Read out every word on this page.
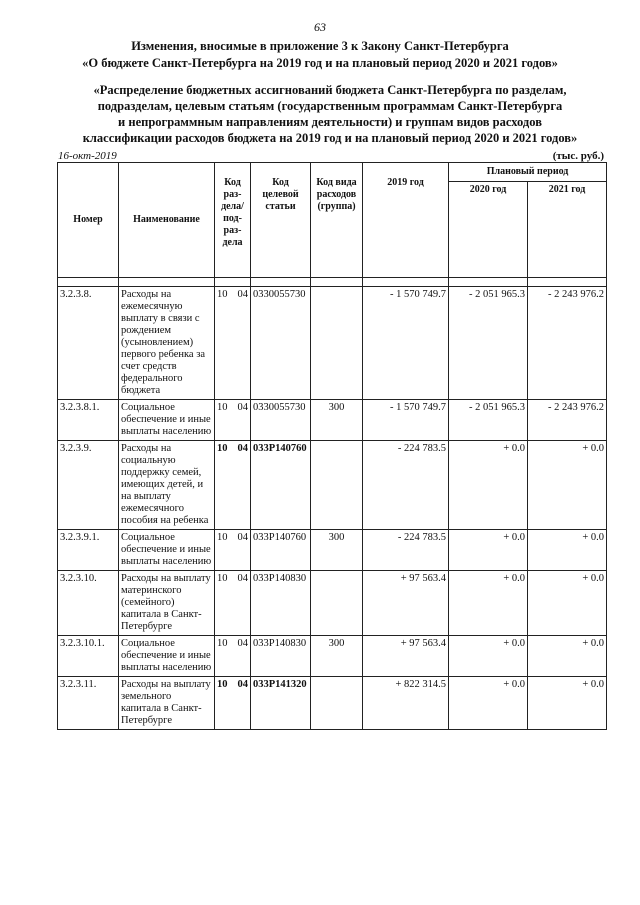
63
Изменения, вносимые в приложение 3 к Закону Санкт-Петербурга
«О бюджете Санкт-Петербурга на 2019 год и на плановый период 2020 и 2021 годов»
«Распределение бюджетных ассигнований бюджета Санкт-Петербурга по разделам,
подразделам, целевым статьям (государственным программам Санкт-Петербурга
и непрограммным направлениям деятельности) и группам видов расходов
классификации расходов бюджета на 2019 год и на плановый период 2020 и 2021 годов»
16-окт-2019	(тыс. руб.)
Номер	Наименование	Код раз-дела/ под-раз-дела		Код целевой статьи	Код вида расходов (группа)	2019 год	Плановый период	
							2020 год	2021 год

3.2.3.8.	Расходы на ежемесячную выплату в связи с рождением (усыновлением) первого ребенка за счет средств федерального бюджета	10	04	0330055730		- 1 570 749.7	- 2 051 965.3	- 2 243 976.2
3.2.3.8.1.	Социальное обеспечение и иные выплаты населению	10	04	0330055730	300	- 1 570 749.7	- 2 051 965.3	- 2 243 976.2
3.2.3.9.	Расходы на социальную поддержку семей, имеющих детей, и на выплату ежемесячного пособия на ребенка	10	04	033P140760		- 224 783.5	+ 0.0	+ 0.0
3.2.3.9.1.	Социальное обеспечение и иные выплаты населению	10	04	033P140760	300	- 224 783.5	+ 0.0	+ 0.0
3.2.3.10.	Расходы на выплату материнского (семейного) капитала в Санкт-Петербурге	10	04	033P140830		+ 97 563.4	+ 0.0	+ 0.0
3.2.3.10.1.	Социальное обеспечение и иные выплаты населению	10	04	033P140830	300	+ 97 563.4	+ 0.0	+ 0.0
3.2.3.11.	Расходы на выплату земельного капитала в Санкт-Петербурге	10	04	033P141320		+ 822 314.5	+ 0.0	+ 0.0
